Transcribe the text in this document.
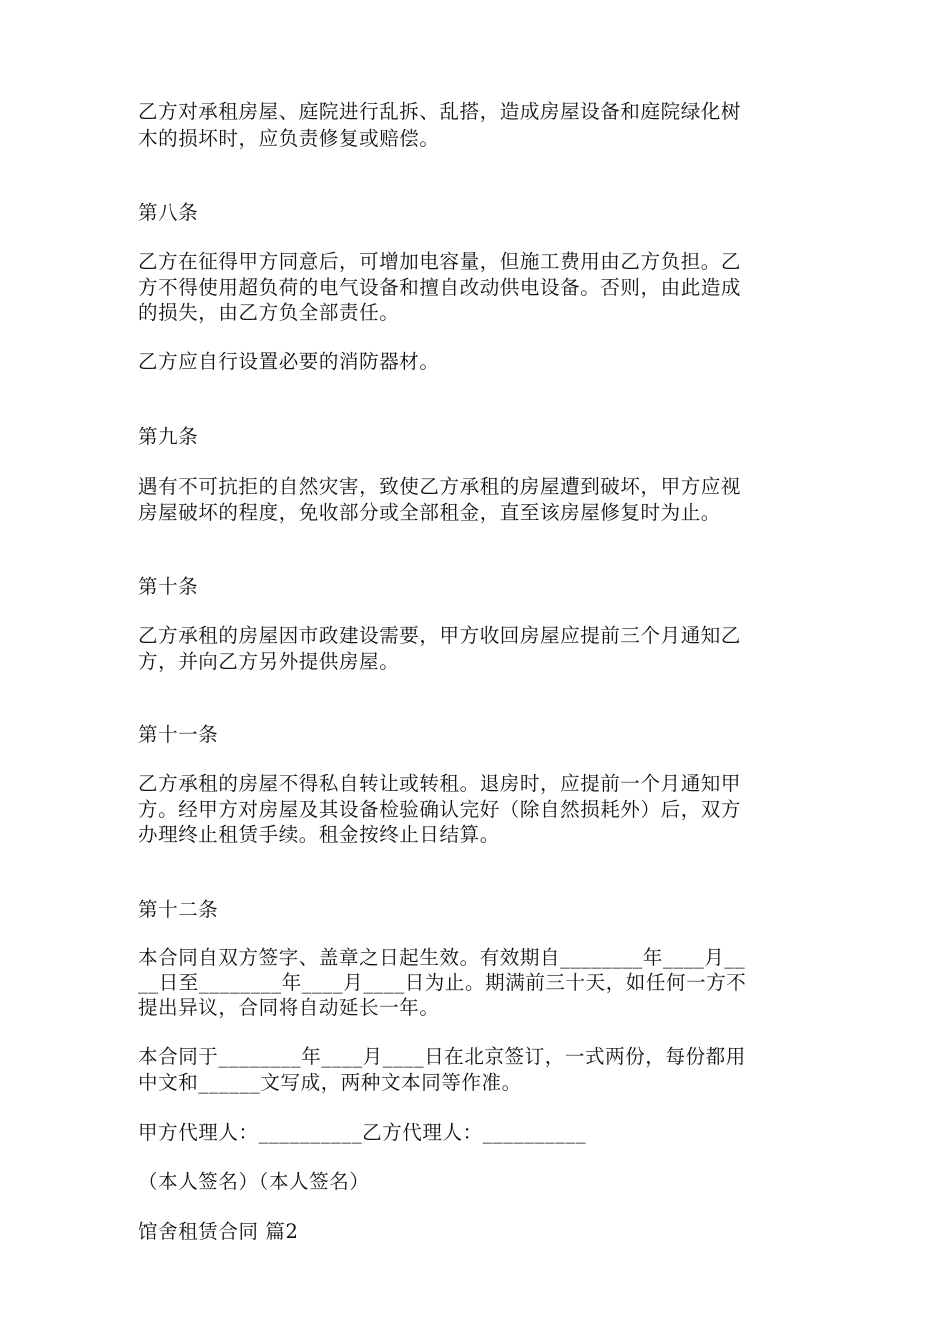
乙方对承租房屋、庭院进行乱拆、乱搭，造成房屋设备和庭院绿化树
木的损坏时，应负责修复或赔偿。
第八条
乙方在征得甲方同意后，可增加电容量，但施工费用由乙方负担。乙
方不得使用超负荷的电气设备和擅自改动供电设备。否则，由此造成
的损失，由乙方负全部责任。
乙方应自行设置必要的消防器材。
第九条
遇有不可抗拒的自然灾害，致使乙方承租的房屋遭到破坏，甲方应视
房屋破坏的程度，免收部分或全部租金，直至该房屋修复时为止。
第十条
乙方承租的房屋因市政建设需要，甲方收回房屋应提前三个月通知乙
方，并向乙方另外提供房屋。
第十一条
乙方承租的房屋不得私自转让或转租。退房时，应提前一个月通知甲
方。经甲方对房屋及其设备检验确认完好（除自然损耗外）后，双方
办理终止租赁手续。租金按终止日结算。
第十二条
本合同自双方签字、盖章之日起生效。有效期自________年____月__
__日至________年____月____日为止。期满前三十天，如任何一方不
提出异议，合同将自动延长一年。
本合同于________年____月____日在北京签订，一式两份，每份都用
中文和______文写成，两种文本同等作准。
甲方代理人：__________乙方代理人：__________
（本人签名）（本人签名）
馆舍租赁合同 篇2
